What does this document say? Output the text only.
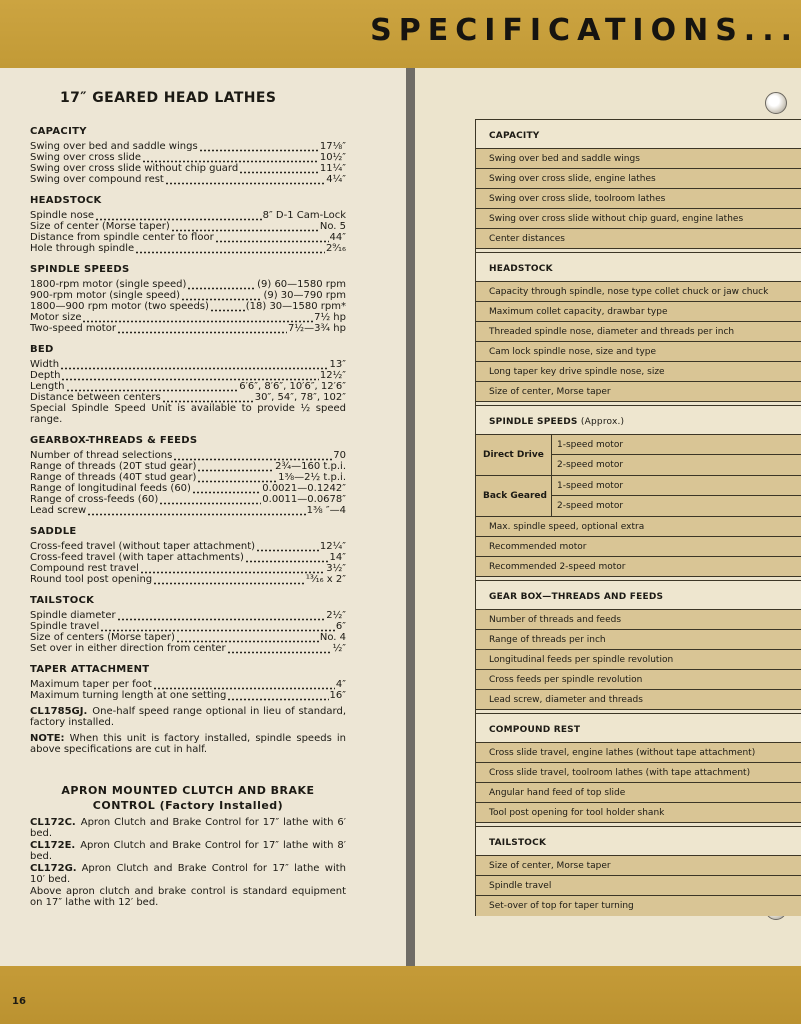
SPECIFICATIONS...
17″ GEARED HEAD LATHES
CAPACITY
Swing over bed and saddle wings	17⅛″
Swing over cross slide	10½″
Swing over cross slide without chip guard	11¼″
Swing over compound rest	4¼″
HEADSTOCK
Spindle nose	8″ D-1 Cam-Lock
Size of center (Morse taper)	No. 5
Distance from spindle center to floor	44″
Hole through spindle	2⁹⁄₁₆
SPINDLE SPEEDS
1800-rpm motor (single speed)	(9) 60—1580 rpm
900-rpm motor (single speed)	(9) 30—790 rpm
1800—900 rpm motor (two speeds)	(18) 30—1580 rpm*
Motor size	7½ hp
Two-speed motor	7½—3¾ hp
BED
Width	13″
Depth	12½″
Length	6′6″, 8′6″, 10′6″, 12′6″
Distance between centers	30″, 54″, 78″, 102″
Special Spindle Speed Unit is available to provide ½ speed range.
GEARBOX-THREADS & FEEDS
Number of thread selections	70
Range of threads (20T stud gear)	2¾—160 t.p.i.
Range of threads (40T stud gear)	1⅜—2½ t.p.i.
Range of longitudinal feeds (60)	0.0021—0.1242″
Range of cross-feeds (60)	0.0011—0.0678″
Lead screw	1⅜ ″—4
SADDLE
Cross-feed travel (without taper attachment)	12¼″
Cross-feed travel (with taper attachments)	14″
Compound rest travel	3½″
Round tool post opening	¹³⁄₁₆ x 2″
TAILSTOCK
Spindle diameter	2½″
Spindle travel	6″
Size of centers (Morse taper)	No. 4
Set over in either direction from center	½″
TAPER ATTACHMENT
Maximum taper per foot	4″
Maximum turning length at one setting	16″
CL1785GJ.  One-half speed range optional in lieu of standard, factory installed.
NOTE: When this unit is factory installed, spindle speeds in above specifications are cut in half.
APRON MOUNTED CLUTCH AND BRAKE
CONTROL (Factory Installed)
CL172C.  Apron Clutch and Brake Control for 17″ lathe with 6′ bed.
CL172E.  Apron Clutch and Brake Control for 17″ lathe with 8′ bed.
CL172G.  Apron Clutch and Brake Control for 17″ lathe with 10′ bed.
Above apron clutch and brake control is standard equipment on 17″ lathe with 12′ bed.
CAPACITY
Swing over bed and saddle wings
Swing over cross slide, engine lathes
Swing over cross slide, toolroom lathes
Swing over cross slide without chip guard, engine lathes
Center distances
HEADSTOCK
Capacity through spindle, nose type collet chuck or jaw chuck
Maximum collet capacity, drawbar type
Threaded spindle nose, diameter and threads per inch
Cam lock spindle nose, size and type
Long taper key drive spindle nose, size
Size of center, Morse taper
SPINDLE SPEEDS (Approx.)
Direct Drive
1-speed motor
2-speed motor
Back Geared
1-speed motor
2-speed motor
Max. spindle speed, optional extra
Recommended motor
Recommended 2-speed motor
GEAR BOX—THREADS AND FEEDS
Number of threads and feeds
Range of threads per inch
Longitudinal feeds per spindle revolution
Cross feeds per spindle revolution
Lead screw, diameter and threads
COMPOUND REST
Cross slide travel, engine lathes (without tape attachment)
Cross slide travel, toolroom lathes (with tape attachment)
Angular hand feed of top slide
Tool post opening for tool holder shank
TAILSTOCK
Size of center, Morse taper
Spindle travel
Set-over of top for taper turning
16
